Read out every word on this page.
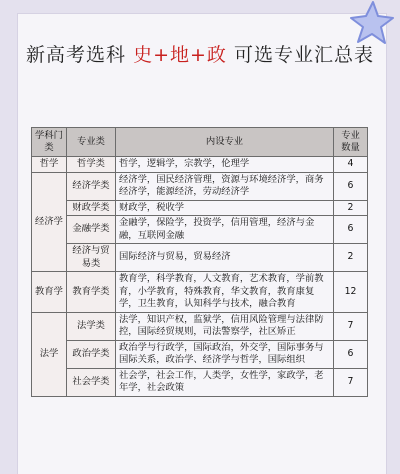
新高考选科 史+地+政 可选专业汇总表
学科门类	专业类	内设专业	专业数量
哲学	哲学类	哲学，逻辑学，宗教学，伦理学	4
经济学	经济学类	经济学，国民经济管理，资源与环境经济学，商务经济学，能源经济，劳动经济学	6
	财政学类	财政学，税收学	2
	金融学类	金融学，保险学，投资学，信用管理，经济与金融，互联网金融	6
	经济与贸易类	国际经济与贸易，贸易经济	2
教育学	教育学类	教育学，科学教育，人文教育，艺术教育，学前教育，小学教育，特殊教育，华文教育，教育康复学，卫生教育，认知科学与技术，融合教育	12
法学	法学类	法学，知识产权，监狱学，信用风险管理与法律防控，国际经贸规则，司法警察学，社区矫正	7
	政治学类	政治学与行政学，国际政治，外交学，国际事务与国际关系，政治学、经济学与哲学，国际组织	6
	社会学类	社会学，社会工作，人类学，女性学，家政学，老年学，社会政策	7
